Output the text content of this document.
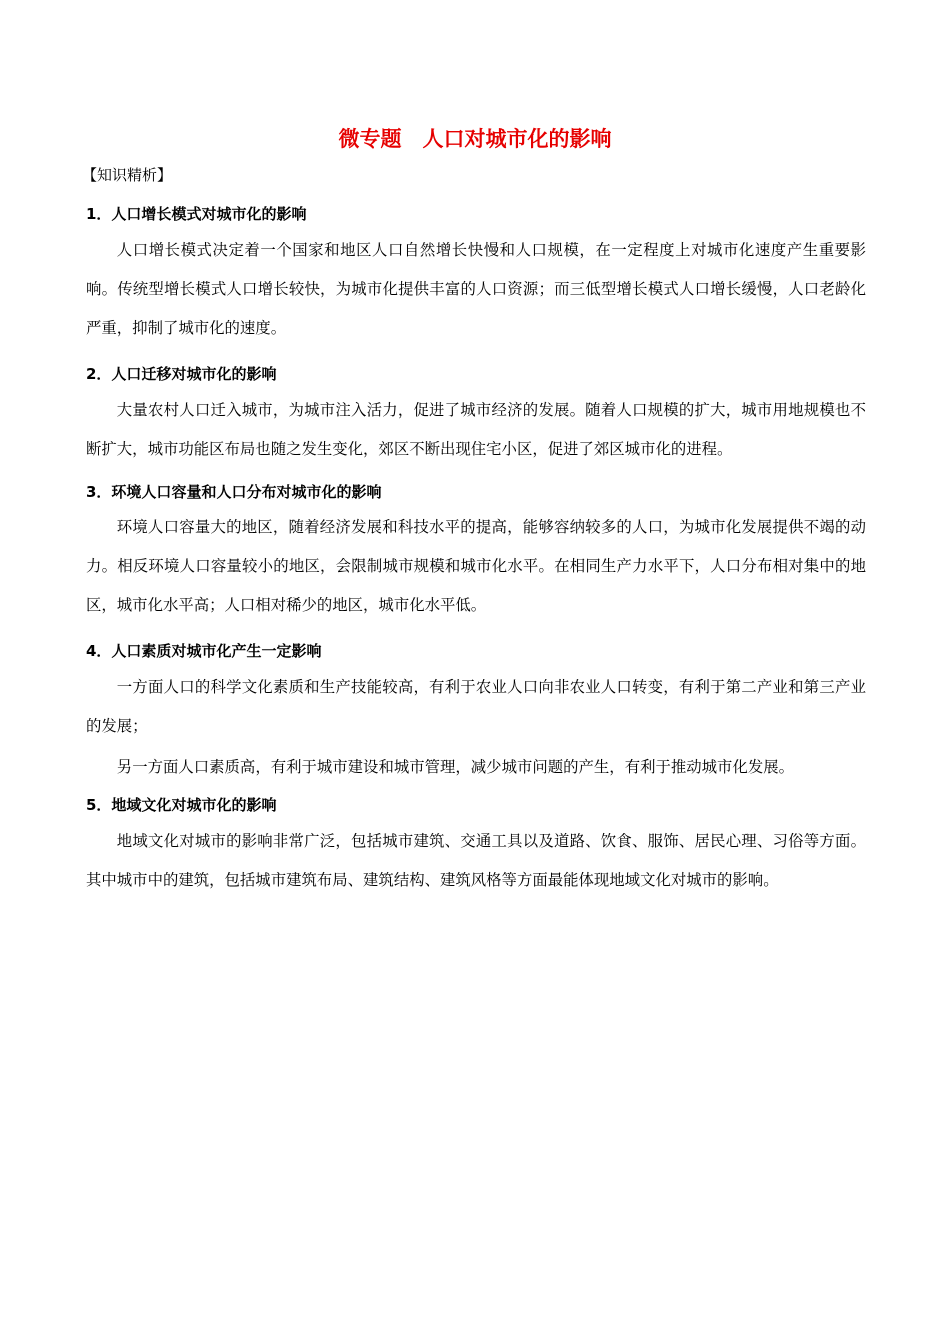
微专题　人口对城市化的影响
【知识精析】
1．人口增长模式对城市化的影响

人口增长模式决定着一个国家和地区人口自然增长快慢和人口规模，在一定程度上对城市化速度产生重要影响。传统型增长模式人口增长较快，为城市化提供丰富的人口资源；而三低型增长模式人口增长缓慢，人口老龄化严重，抑制了城市化的速度。

2．人口迁移对城市化的影响

大量农村人口迁入城市，为城市注入活力，促进了城市经济的发展。随着人口规模的扩大，城市用地规模也不断扩大，城市功能区布局也随之发生变化，郊区不断出现住宅小区，促进了郊区城市化的进程。

3．环境人口容量和人口分布对城市化的影响

环境人口容量大的地区，随着经济发展和科技水平的提高，能够容纳较多的人口，为城市化发展提供不竭的动力。相反环境人口容量较小的地区，会限制城市规模和城市化水平。在相同生产力水平下，人口分布相对集中的地区，城市化水平高；人口相对稀少的地区，城市化水平低。

4．人口素质对城市化产生一定影响

一方面人口的科学文化素质和生产技能较高，有利于农业人口向非农业人口转变，有利于第二产业和第三产业的发展；

另一方面人口素质高，有利于城市建设和城市管理，减少城市问题的产生，有利于推动城市化发展。

5．地域文化对城市化的影响

地域文化对城市的影响非常广泛，包括城市建筑、交通工具以及道路、饮食、服饰、居民心理、习俗等方面。其中城市中的建筑，包括城市建筑布局、建筑结构、建筑风格等方面最能体现地域文化对城市的影响。
